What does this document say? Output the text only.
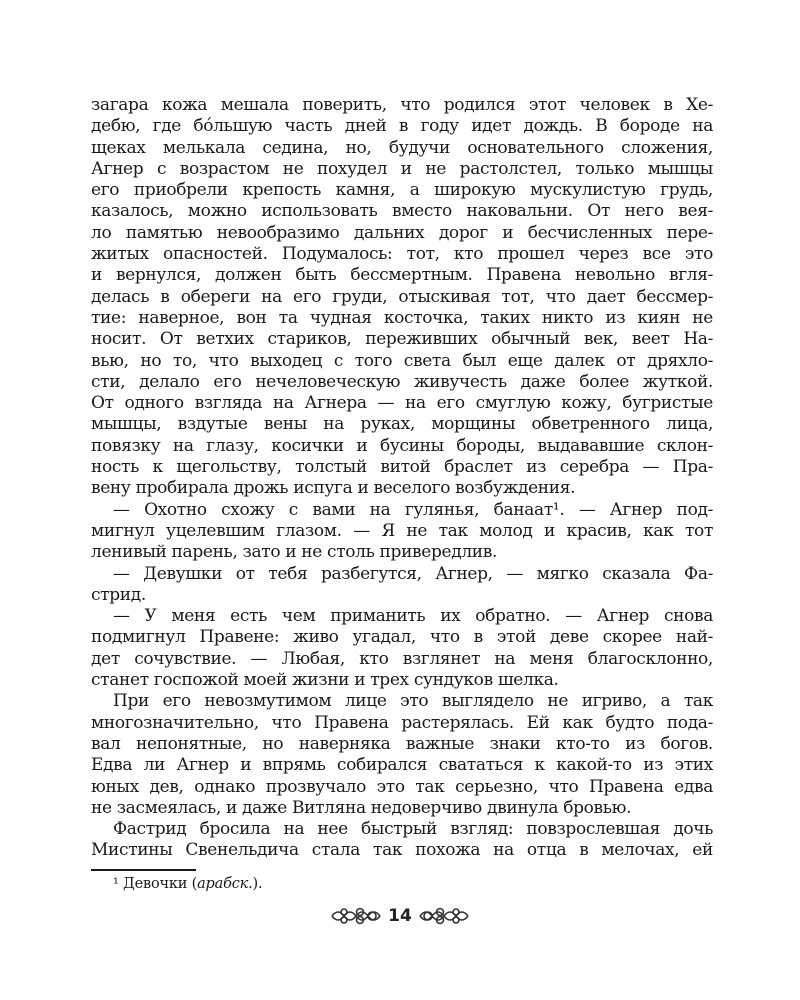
загара кожа мешала поверить, что родился этот человек в Хе-
дебю, где бóльшую часть дней в году идет дождь. В бороде на
щеках мелькала седина, но, будучи основательного сложения,
Агнер с возрастом не похудел и не растолстел, только мышцы
его приобрели крепость камня, а широкую мускулистую грудь,
казалось, можно использовать вместо наковальни. От него вея-
ло памятью невообразимо дальних дорог и бесчисленных пере-
житых опасностей. Подумалось: тот, кто прошел через все это
и вернулся, должен быть бессмертным. Правена невольно вгля-
делась в обереги на его груди, отыскивая тот, что дает бессмер-
тие: наверное, вон та чудная косточка, таких никто из киян не
носит. От ветхих стариков, переживших обычный век, веет На-
вью, но то, что выходец с того света был еще далек от дряхло-
сти, делало его нечеловеческую живучесть даже более жуткой.
От одного взгляда на Агнера — на его смуглую кожу, бугристые
мышцы, вздутые вены на руках, морщины обветренного лица,
повязку на глазу, косички и бусины бороды, выдававшие склон-
ность к щегольству, толстый витой браслет из серебра — Пра-
вену пробирала дрожь испуга и веселого возбуждения.
— Охотно схожу с вами на гулянья, банаат¹. — Агнер под-
мигнул уцелевшим глазом. — Я не так молод и красив, как тот
ленивый парень, зато и не столь привередлив.
— Девушки от тебя разбегутся, Агнер, — мягко сказала Фа-
стрид.
— У меня есть чем приманить их обратно. — Агнер снова
подмигнул Правене: живо угадал, что в этой деве скорее най-
дет сочувствие. — Любая, кто взглянет на меня благосклонно,
станет госпожой моей жизни и трех сундуков шелка.
При его невозмутимом лице это выглядело не игриво, а так
многозначительно, что Правена растерялась. Ей как будто пода-
вал непонятные, но наверняка важные знаки кто-то из богов.
Едва ли Агнер и впрямь собирался свататься к какой-то из этих
юных дев, однако прозвучало это так серьезно, что Правена едва
не засмеялась, и даже Витляна недоверчиво двинула бровью.
Фастрид бросила на нее быстрый взгляд: повзрослевшая дочь
Мистины Свенельдича стала так похожа на отца в мелочах, ей
¹ Девочки (арабск.).
14
